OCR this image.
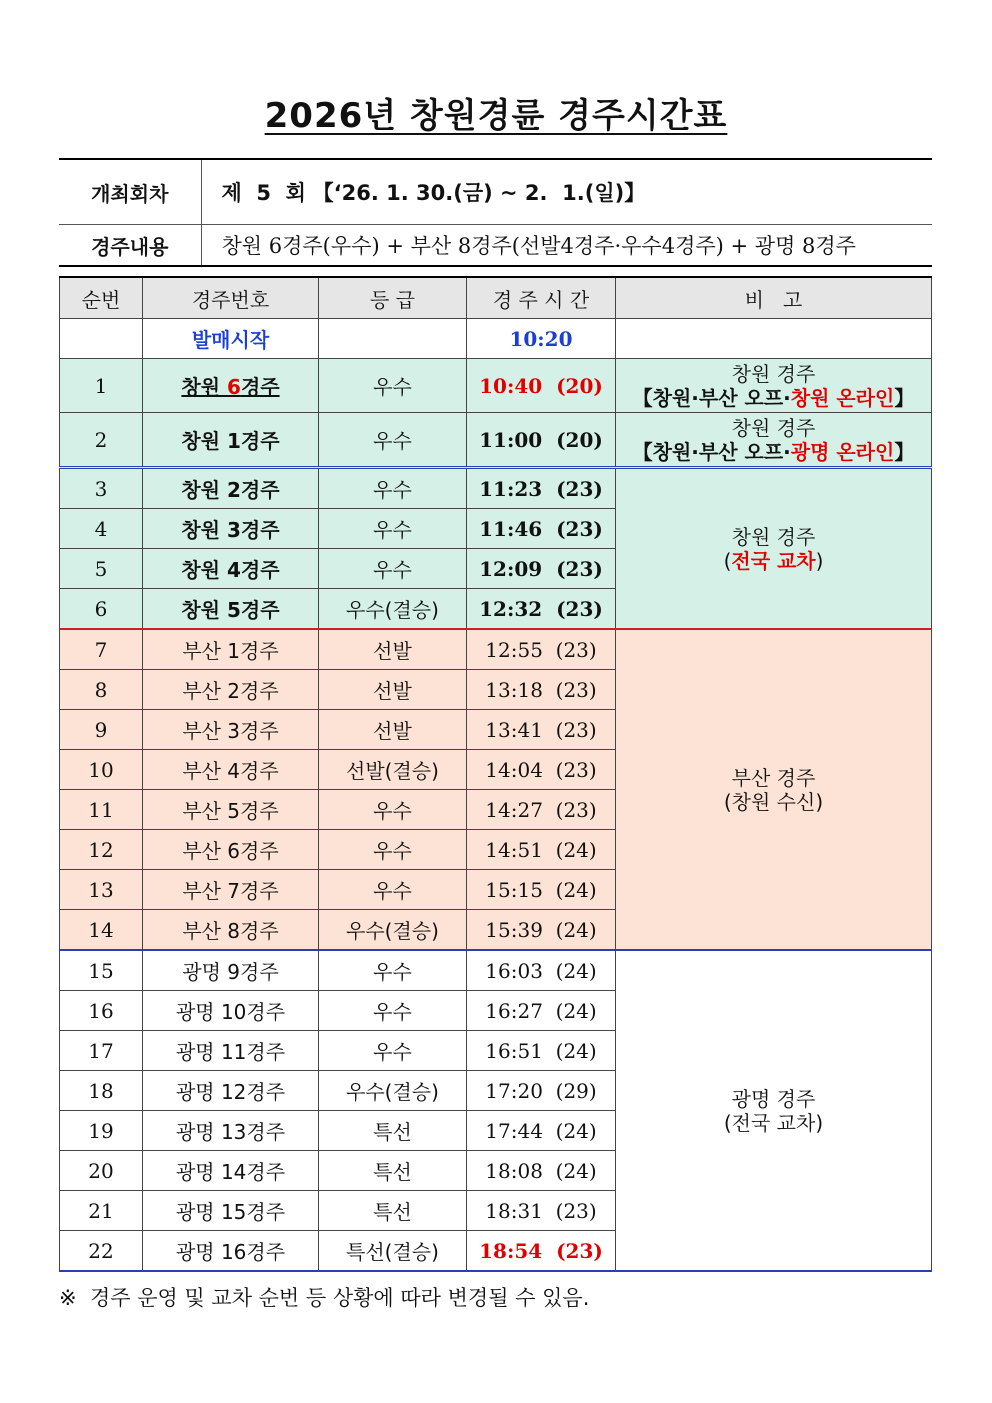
2026년 창원경륜 경주시간표
개최회차	제  5  회 【‘26. 1. 30.(금) ~ 2.  1.(일)】
경주내용	창원 6경주(우수) + 부산 8경주(선발4경주·우수4경주) + 광명 8경주
순번	경주번호	등 급	경 주 시 간	비   고
	발매시작		10:20	
1	창원 6경주	우수	10:40  (20)	창원 경주
【창원·부산 오프·창원 온라인】

2	창원 1경주	우수	11:00  (20)	창원 경주
【창원·부산 오프·광명 온라인】

3	창원 2경주	우수	11:23  (23)	창원 경주
(전국 교차)

4	창원 3경주	우수	11:46  (23)	
5	창원 4경주	우수	12:09  (23)	
6	창원 5경주	우수(결승)	12:32  (23)	
7	부산 1경주	선발	12:55  (23)	부산 경주
(창원 수신)

8	부산 2경주	선발	13:18  (23)	
9	부산 3경주	선발	13:41  (23)	
10	부산 4경주	선발(결승)	14:04  (23)	
11	부산 5경주	우수	14:27  (23)	
12	부산 6경주	우수	14:51  (24)	
13	부산 7경주	우수	15:15  (24)	
14	부산 8경주	우수(결승)	15:39  (24)	
15	광명 9경주	우수	16:03  (24)	광명 경주
(전국 교차)

16	광명 10경주	우수	16:27  (24)	
17	광명 11경주	우수	16:51  (24)	
18	광명 12경주	우수(결승)	17:20  (29)	
19	광명 13경주	특선	17:44  (24)	
20	광명 14경주	특선	18:08  (24)	
21	광명 15경주	특선	18:31  (23)	
22	광명 16경주	특선(결승)	18:54  (23)	
※  경주 운영 및 교차 순번 등 상황에 따라 변경될 수 있음.
